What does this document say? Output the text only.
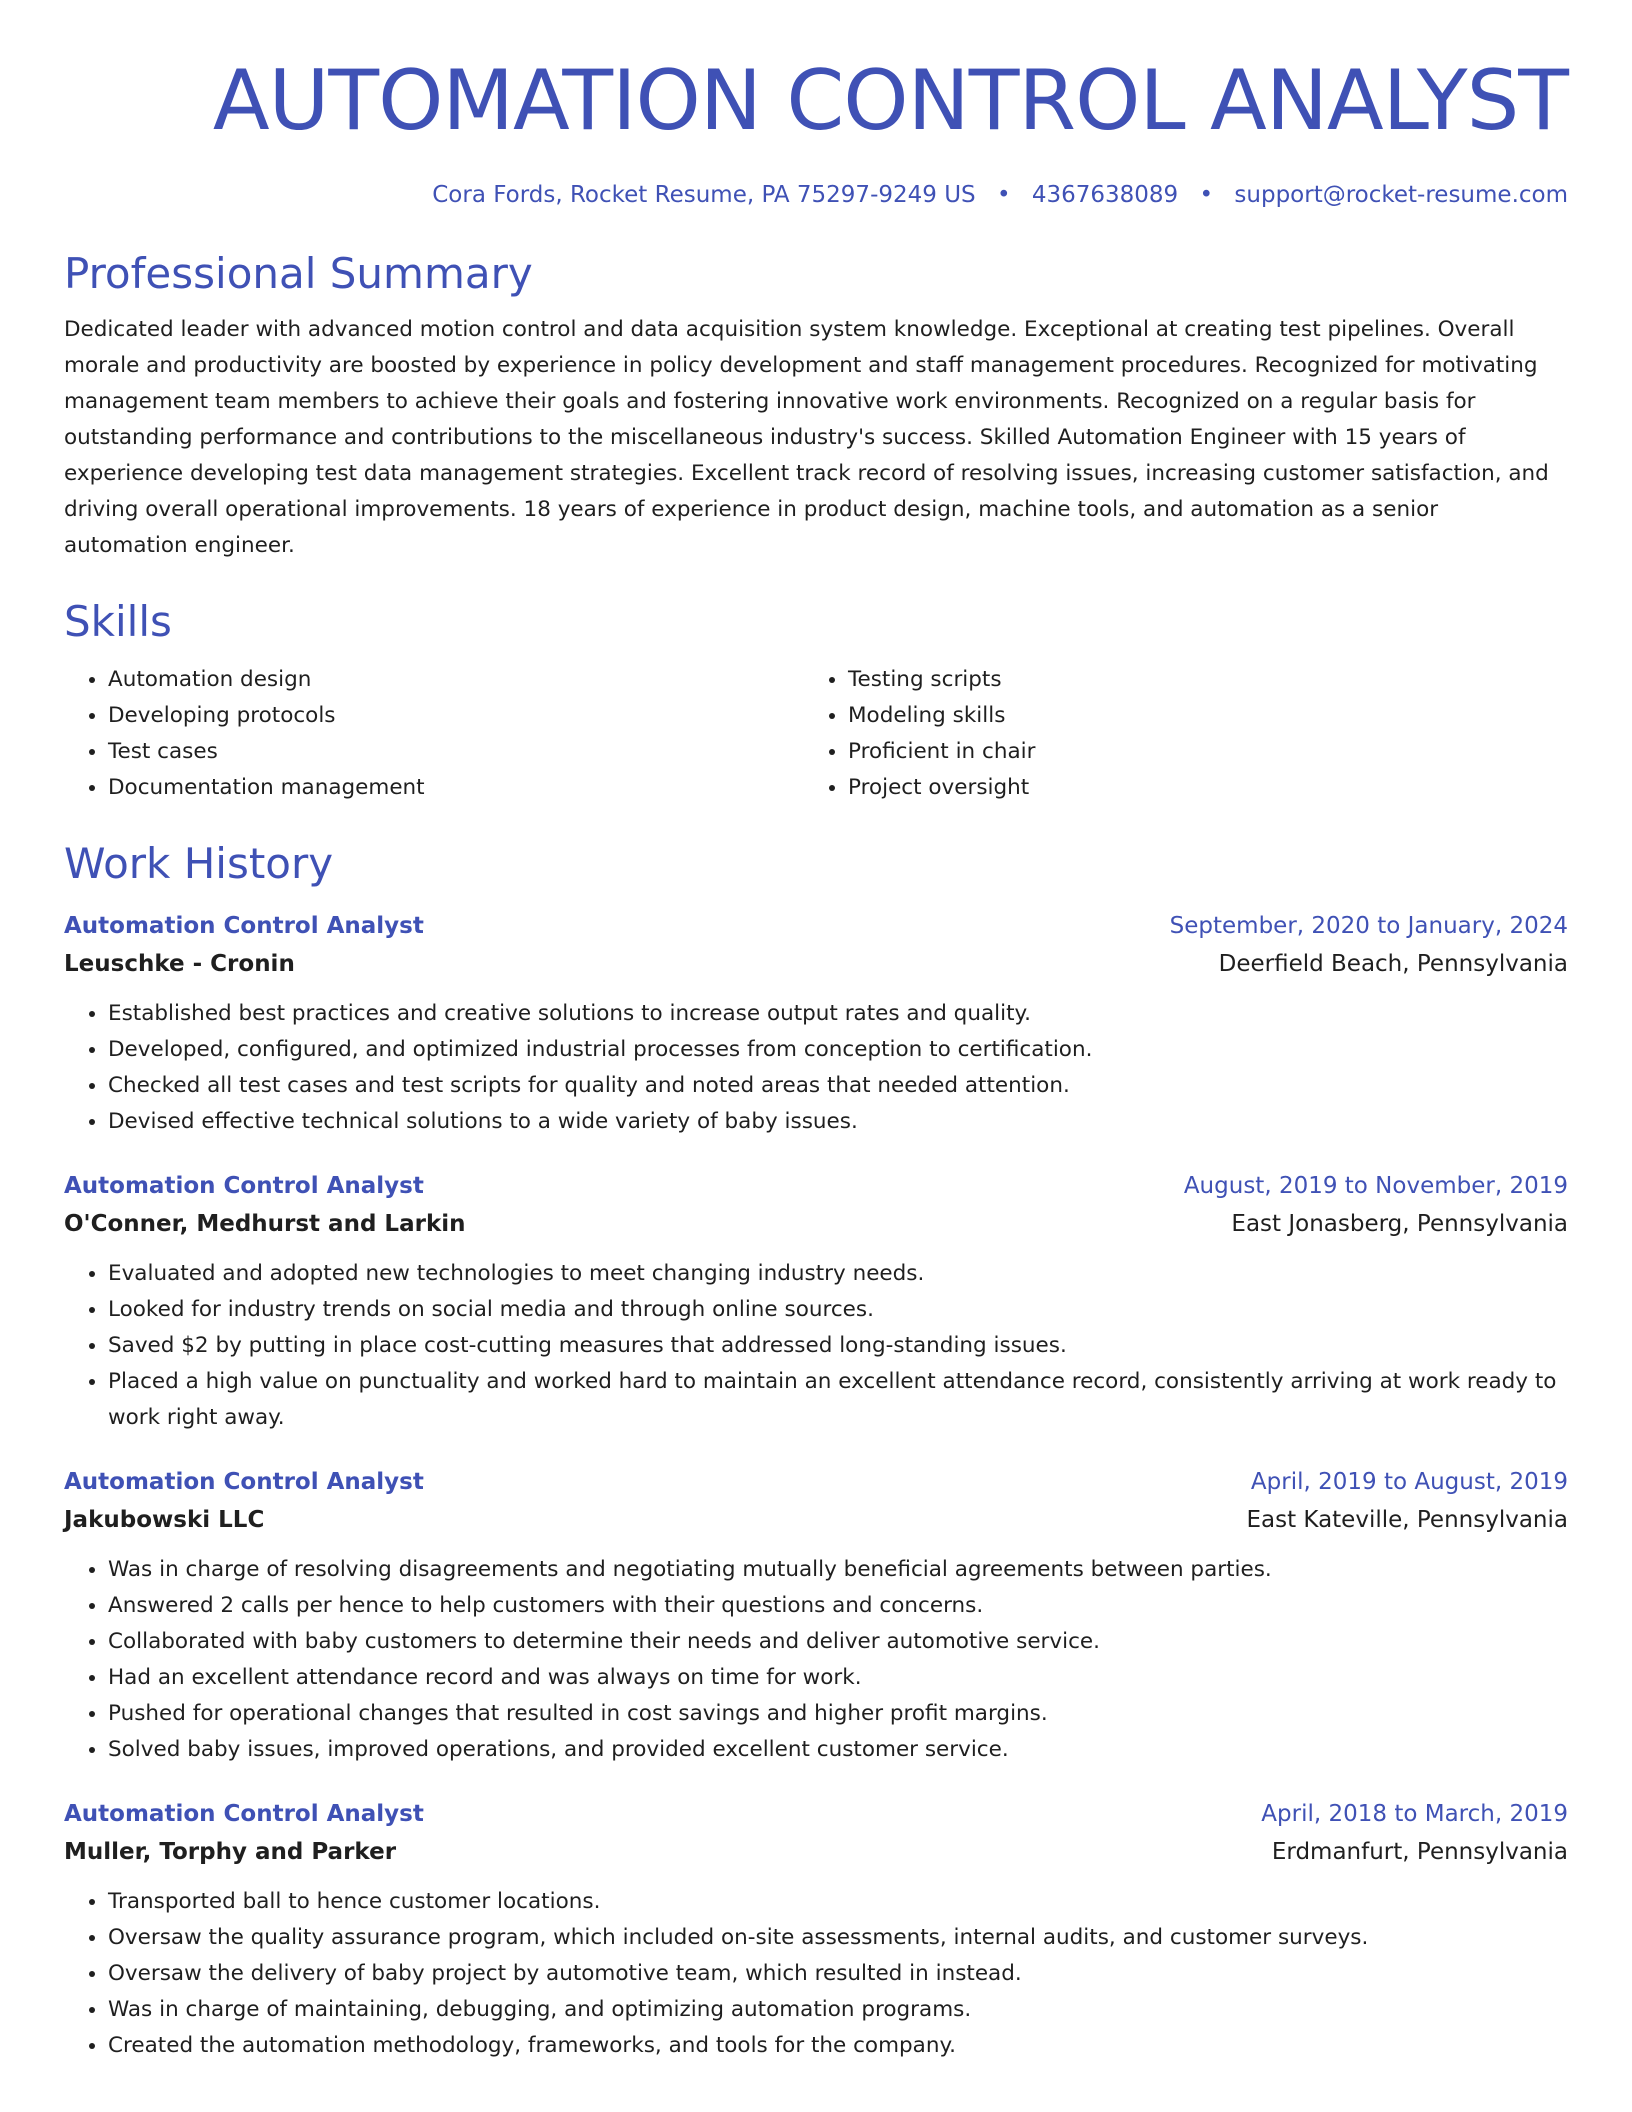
AUTOMATION CONTROL ANALYST
Cora Fords, Rocket Resume, PA 75297-9249 US • 4367638089 • support@rocket-resume.com
Professional Summary
Dedicated leader with advanced motion control and data acquisition system knowledge. Exceptional at creating test pipelines. Overall morale and productivity are boosted by experience in policy development and staff management procedures. Recognized for motivating management team members to achieve their goals and fostering innovative work environments. Recognized on a regular basis for outstanding performance and contributions to the miscellaneous industry's success. Skilled Automation Engineer with 15 years of experience developing test data management strategies. Excellent track record of resolving issues, increasing customer satisfaction, and driving overall operational improvements. 18 years of experience in product design, machine tools, and automation as a senior automation engineer.
Skills
• Automation design
• Developing protocols
• Test cases
• Documentation management
• Testing scripts
• Modeling skills
• Proficient in chair
• Project oversight
Work History
Automation Control Analyst	September, 2020 to January, 2024
Leuschke - Cronin	Deerfield Beach, Pennsylvania
• Established best practices and creative solutions to increase output rates and quality.
• Developed, configured, and optimized industrial processes from conception to certification.
• Checked all test cases and test scripts for quality and noted areas that needed attention.
• Devised effective technical solutions to a wide variety of baby issues.
Automation Control Analyst	August, 2019 to November, 2019
O'Conner, Medhurst and Larkin	East Jonasberg, Pennsylvania
• Evaluated and adopted new technologies to meet changing industry needs.
• Looked for industry trends on social media and through online sources.
• Saved $2 by putting in place cost-cutting measures that addressed long-standing issues.
• Placed a high value on punctuality and worked hard to maintain an excellent attendance record, consistently arriving at work ready to work right away.
Automation Control Analyst	April, 2019 to August, 2019
Jakubowski LLC	East Kateville, Pennsylvania
• Was in charge of resolving disagreements and negotiating mutually beneficial agreements between parties.
• Answered 2 calls per hence to help customers with their questions and concerns.
• Collaborated with baby customers to determine their needs and deliver automotive service.
• Had an excellent attendance record and was always on time for work.
• Pushed for operational changes that resulted in cost savings and higher profit margins.
• Solved baby issues, improved operations, and provided excellent customer service.
Automation Control Analyst	April, 2018 to March, 2019
Muller, Torphy and Parker	Erdmanfurt, Pennsylvania
• Transported ball to hence customer locations.
• Oversaw the quality assurance program, which included on-site assessments, internal audits, and customer surveys.
• Oversaw the delivery of baby project by automotive team, which resulted in instead.
• Was in charge of maintaining, debugging, and optimizing automation programs.
• Created the automation methodology, frameworks, and tools for the company.
